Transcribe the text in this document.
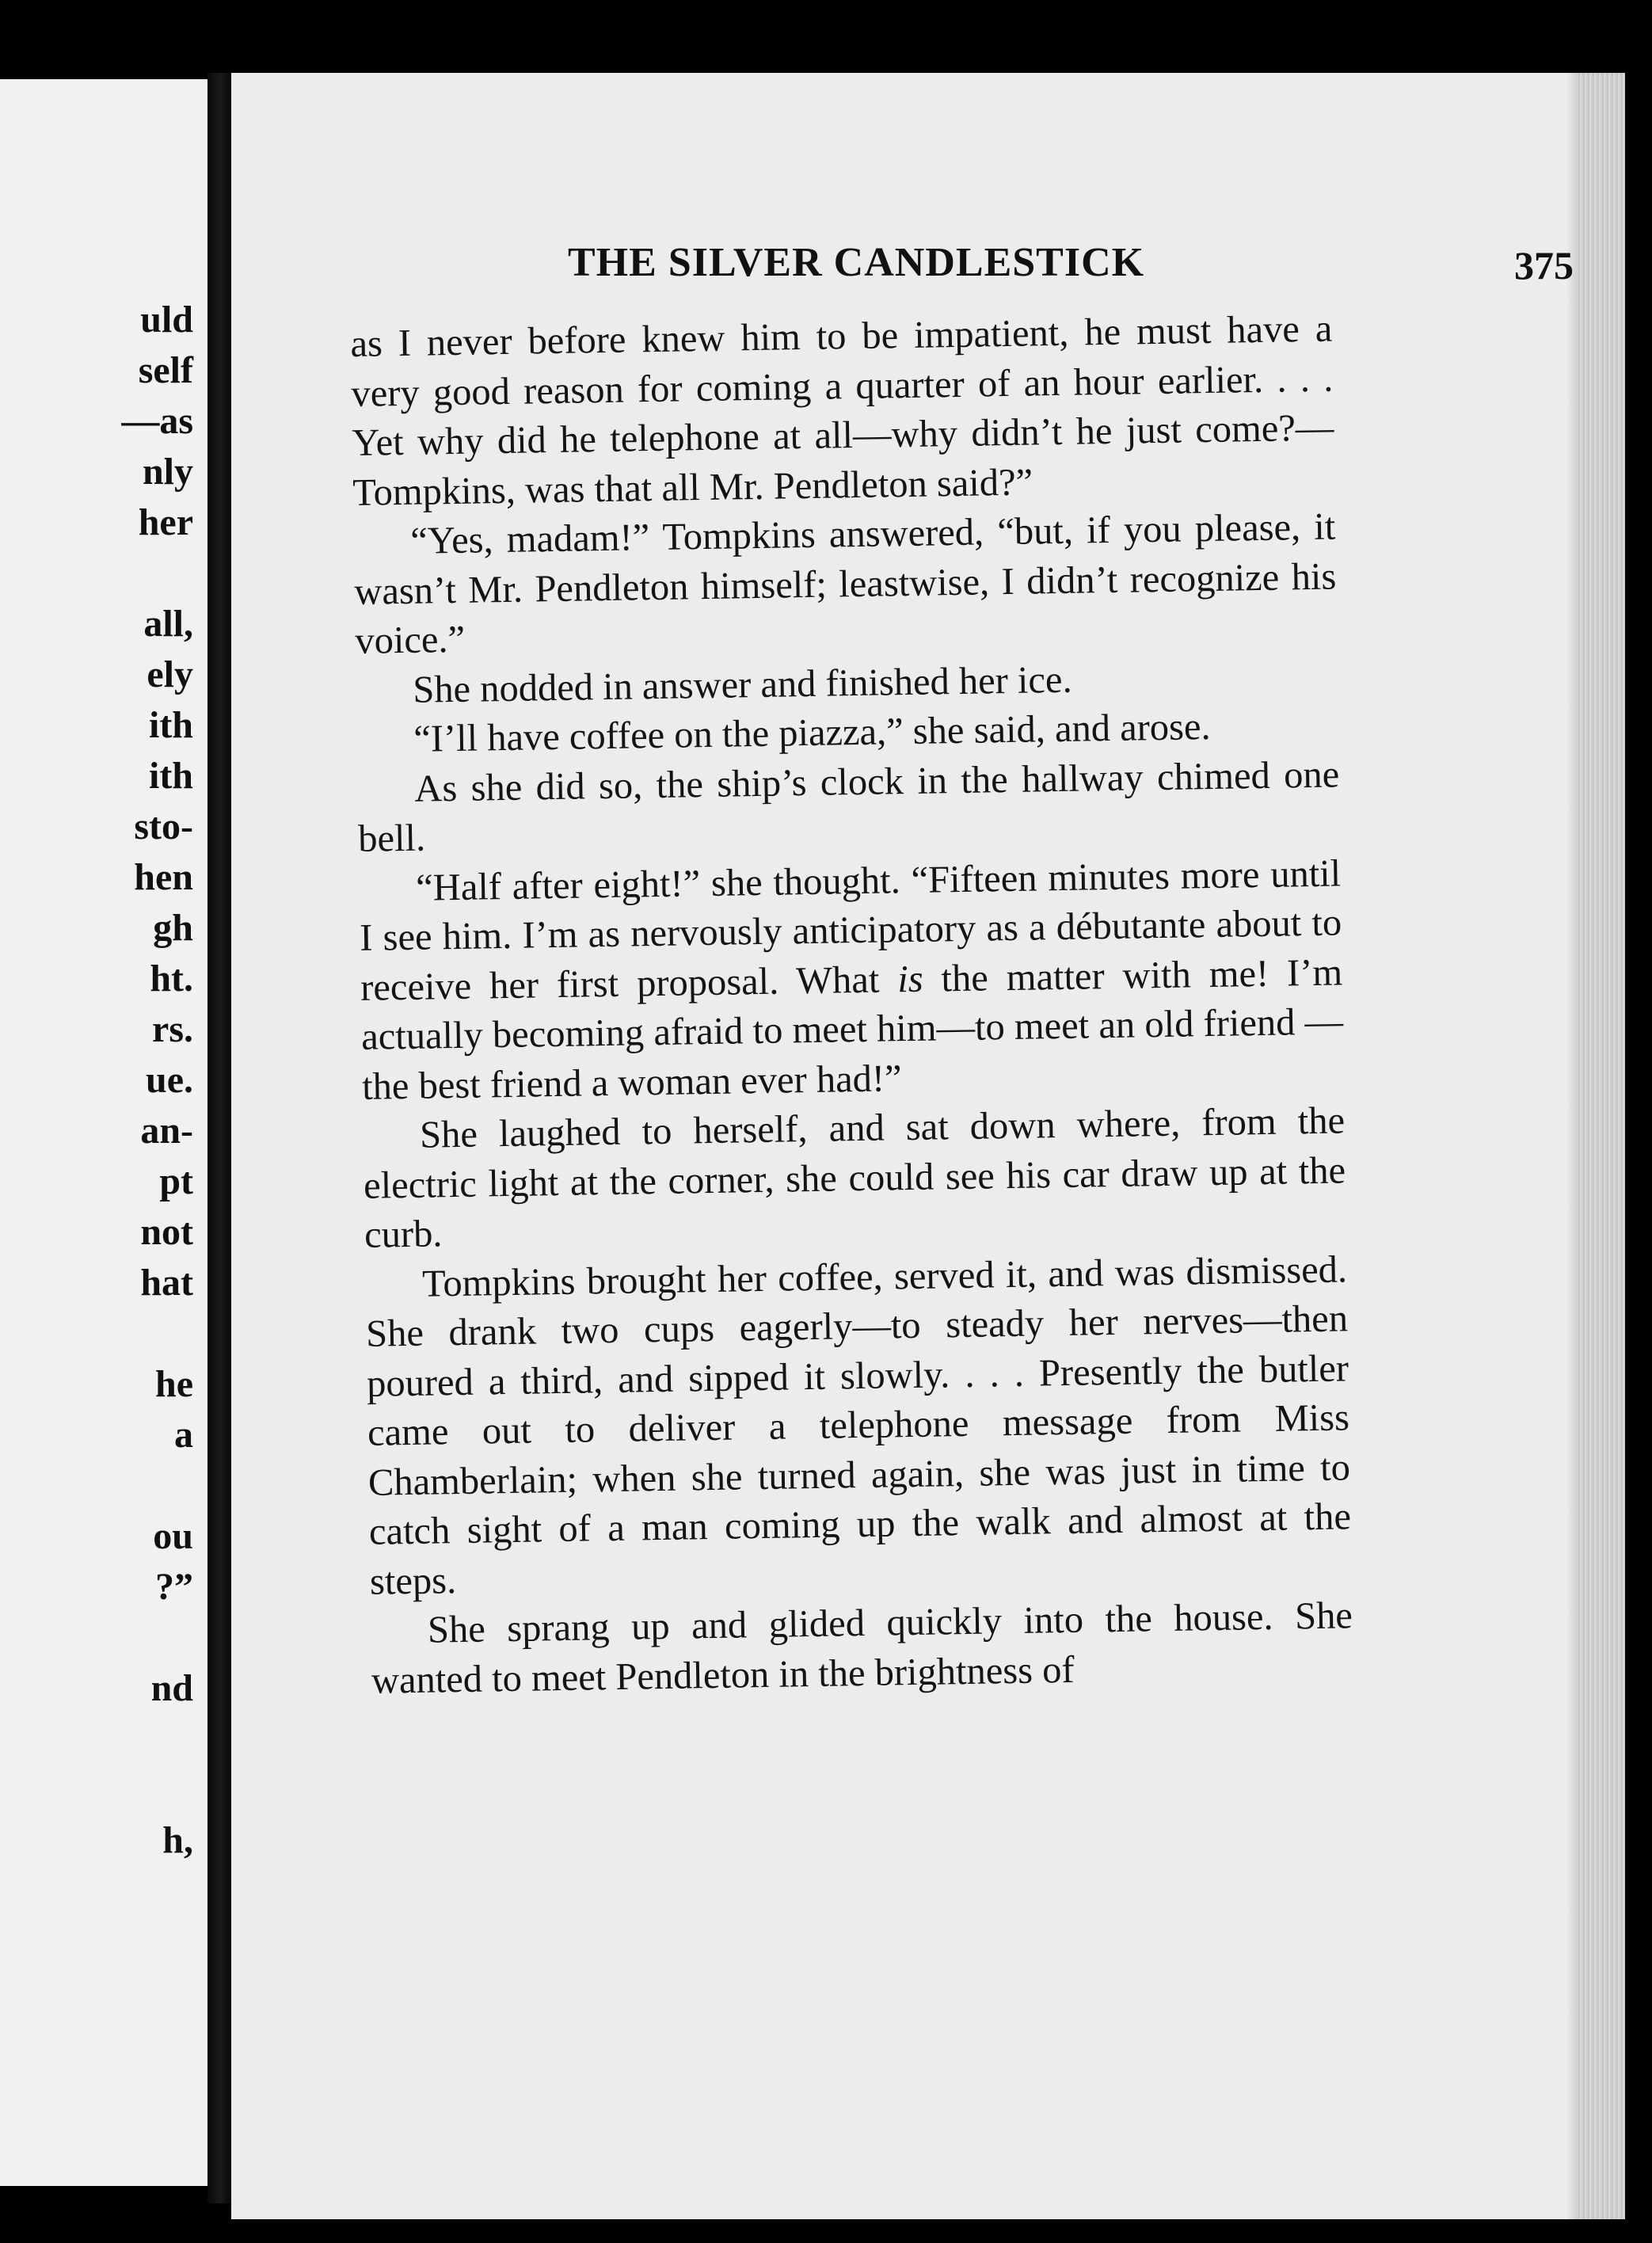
uld
self
—as
nly
her
all,
ely
ith
ith
sto-
hen
gh
ht.
rs.
ue.
an-
pt
not
hat
he
a
ou
?”
nd
h,
THE SILVER CANDLESTICK	375

as I never before knew him to be impatient, he must have a very good reason for coming a quarter of an hour earlier. . . . Yet why did he telephone at all—why didn’t he just come?—Tompkins, was that all Mr. Pendleton said?”

“Yes, madam!” Tompkins answered, “but, if you please, it wasn’t Mr. Pendleton himself; leastwise, I didn’t recognize his voice.”

She nodded in answer and finished her ice.

“I’ll have coffee on the piazza,” she said, and arose.

As she did so, the ship’s clock in the hallway chimed one bell.

“Half after eight!” she thought. “Fifteen minutes more until I see him. I’m as nervously anticipatory as a débutante about to receive her first proposal. What is the matter with me! I’m actually becoming afraid to meet him—to meet an old friend —the best friend a woman ever had!”

She laughed to herself, and sat down where, from the electric light at the corner, she could see his car draw up at the curb.

Tompkins brought her coffee, served it, and was dismissed. She drank two cups eagerly—to steady her nerves—then poured a third, and sipped it slowly. . . . Presently the butler came out to deliver a telephone message from Miss Chamberlain; when she turned again, she was just in time to catch sight of a man coming up the walk and almost at the steps.

She sprang up and glided quickly into the house. She wanted to meet Pendleton in the brightness of
